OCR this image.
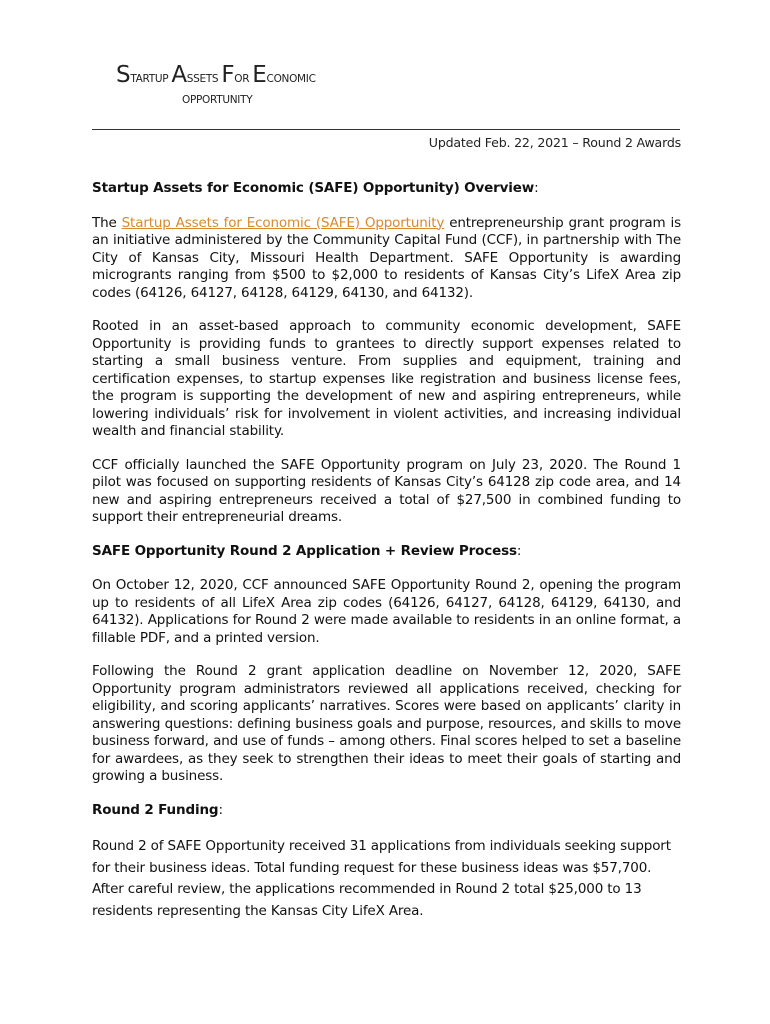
STARTUP ASSETS FOR ECONOMIC
OPPORTUNITY
Updated Feb. 22, 2021 – Round 2 Awards
Startup Assets for Economic (SAFE) Opportunity) Overview:

The Startup Assets for Economic (SAFE) Opportunity entrepreneurship grant program is an initiative administered by the Community Capital Fund (CCF), in partnership with The City of Kansas City, Missouri Health Department. SAFE Opportunity is awarding microgrants ranging from $500 to $2,000 to residents of Kansas City’s LifeX Area zip codes (64126, 64127, 64128, 64129, 64130, and 64132).

Rooted in an asset-based approach to community economic development, SAFE Opportunity is providing funds to grantees to directly support expenses related to starting a small business venture. From supplies and equipment, training and certification expenses, to startup expenses like registration and business license fees, the program is supporting the development of new and aspiring entrepreneurs, while lowering individuals’ risk for involvement in violent activities, and increasing individual wealth and financial stability.

CCF officially launched the SAFE Opportunity program on July 23, 2020. The Round 1 pilot was focused on supporting residents of Kansas City’s 64128 zip code area, and 14 new and aspiring entrepreneurs received a total of $27,500 in combined funding to support their entrepreneurial dreams.

SAFE Opportunity Round 2 Application + Review Process:

On October 12, 2020, CCF announced SAFE Opportunity Round 2, opening the program up to residents of all LifeX Area zip codes (64126, 64127, 64128, 64129, 64130, and 64132). Applications for Round 2 were made available to residents in an online format, a fillable PDF, and a printed version.

Following the Round 2 grant application deadline on November 12, 2020, SAFE Opportunity program administrators reviewed all applications received, checking for eligibility, and scoring applicants’ narratives. Scores were based on applicants’ clarity in answering questions: defining business goals and purpose, resources, and skills to move business forward, and use of funds – among others. Final scores helped to set a baseline for awardees, as they seek to strengthen their ideas to meet their goals of starting and growing a business.

Round 2 Funding:

Round 2 of SAFE Opportunity received 31 applications from individuals seeking support for their business ideas. Total funding request for these business ideas was $57,700. After careful review, the applications recommended in Round 2 total $25,000 to 13 residents representing the Kansas City LifeX Area.
